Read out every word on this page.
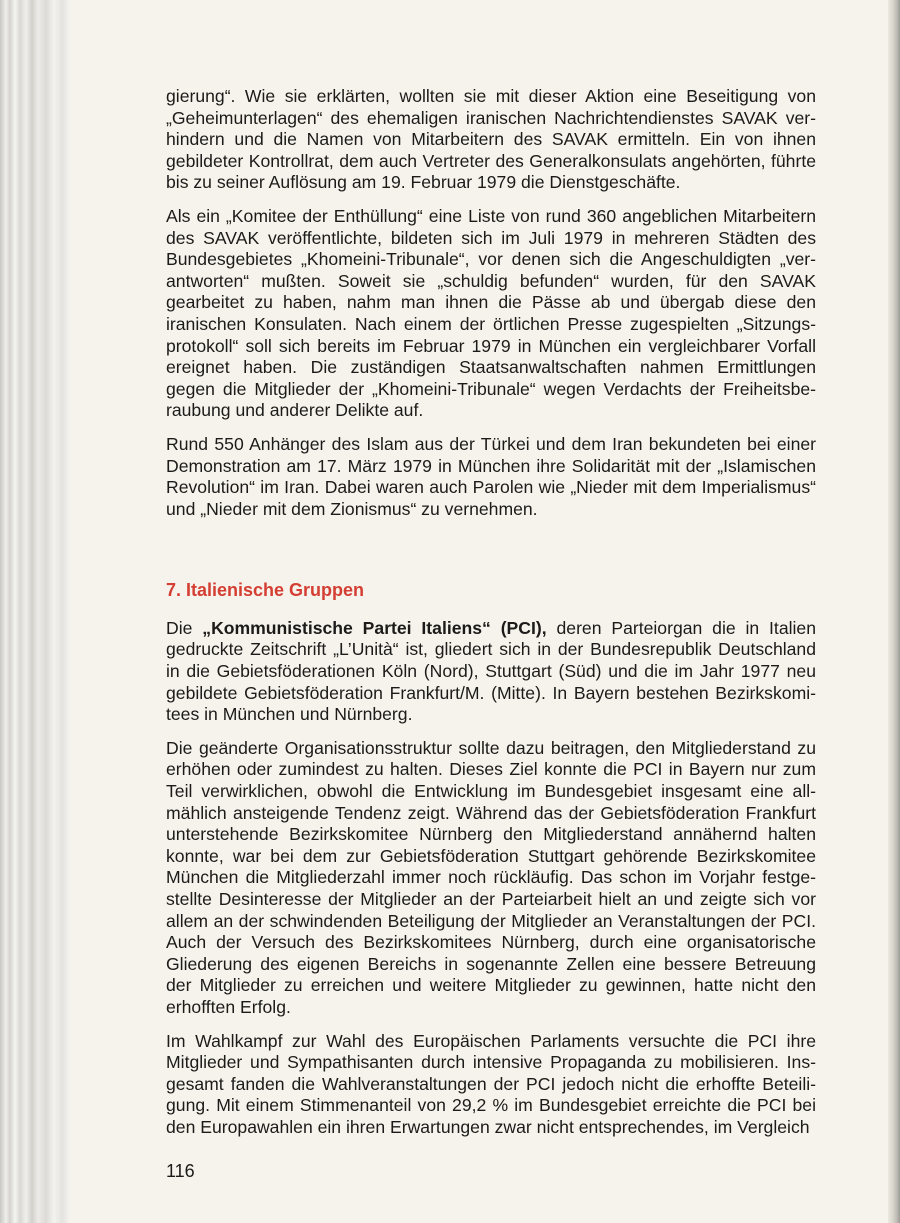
gierung“. Wie sie erklärten, wollten sie mit dieser Aktion eine Beseitigung von „Geheimunterlagen“ des ehemaligen iranischen Nachrichtendienstes SAVAK verhindern und die Namen von Mitarbeitern des SAVAK ermitteln. Ein von ihnen gebildeter Kontrollrat, dem auch Vertreter des Generalkonsulats angehörten, führte bis zu seiner Auflösung am 19. Februar 1979 die Dienstgeschäfte.

Als ein „Komitee der Enthüllung“ eine Liste von rund 360 angeblichen Mitarbeitern des SAVAK veröffentlichte, bildeten sich im Juli 1979 in mehreren Städten des Bundesgebietes „Khomeini-Tribunale“, vor denen sich die Angeschuldigten „verantworten“ mußten. Soweit sie „schuldig befunden“ wurden, für den SAVAK gearbeitet zu haben, nahm man ihnen die Pässe ab und übergab diese den iranischen Konsulaten. Nach einem der örtlichen Presse zugespielten „Sitzungsprotokoll“ soll sich bereits im Februar 1979 in München ein vergleichbarer Vorfall ereignet haben. Die zuständigen Staatsanwaltschaften nahmen Ermittlungen gegen die Mitglieder der „Khomeini-Tribunale“ wegen Verdachts der Freiheitsberaubung und anderer Delikte auf.

Rund 550 Anhänger des Islam aus der Türkei und dem Iran bekundeten bei einer Demonstration am 17. März 1979 in München ihre Solidarität mit der „Islamischen Revolution“ im Iran. Dabei waren auch Parolen wie „Nieder mit dem Imperialismus“ und „Nieder mit dem Zionismus“ zu vernehmen.

7. Italienische Gruppen

Die „Kommunistische Partei Italiens“ (PCI), deren Parteiorgan die in Italien gedruckte Zeitschrift „L’Unità“ ist, gliedert sich in der Bundesrepublik Deutschland in die Gebietsföderationen Köln (Nord), Stuttgart (Süd) und die im Jahr 1977 neu gebildete Gebietsföderation Frankfurt/M. (Mitte). In Bayern bestehen Bezirkskomitees in München und Nürnberg.

Die geänderte Organisationsstruktur sollte dazu beitragen, den Mitgliederstand zu erhöhen oder zumindest zu halten. Dieses Ziel konnte die PCI in Bayern nur zum Teil verwirklichen, obwohl die Entwicklung im Bundesgebiet insgesamt eine allmählich ansteigende Tendenz zeigt. Während das der Gebietsföderation Frankfurt unterstehende Bezirkskomitee Nürnberg den Mitgliederstand annähernd halten konnte, war bei dem zur Gebietsföderation Stuttgart gehörende Bezirkskomitee München die Mitgliederzahl immer noch rückläufig. Das schon im Vorjahr festgestellte Desinteresse der Mitglieder an der Parteiarbeit hielt an und zeigte sich vor allem an der schwindenden Beteiligung der Mitglieder an Veranstaltungen der PCI. Auch der Versuch des Bezirkskomitees Nürnberg, durch eine organisatorische Gliederung des eigenen Bereichs in sogenannte Zellen eine bessere Betreuung der Mitglieder zu erreichen und weitere Mitglieder zu gewinnen, hatte nicht den erhofften Erfolg.

Im Wahlkampf zur Wahl des Europäischen Parlaments versuchte die PCI ihre Mitglieder und Sympathisanten durch intensive Propaganda zu mobilisieren. Insgesamt fanden die Wahlveranstaltungen der PCI jedoch nicht die erhoffte Beteiligung. Mit einem Stimmenanteil von 29,2 % im Bundesgebiet erreichte die PCI bei den Europawahlen ein ihren Erwartungen zwar nicht entsprechendes, im Vergleich

116
